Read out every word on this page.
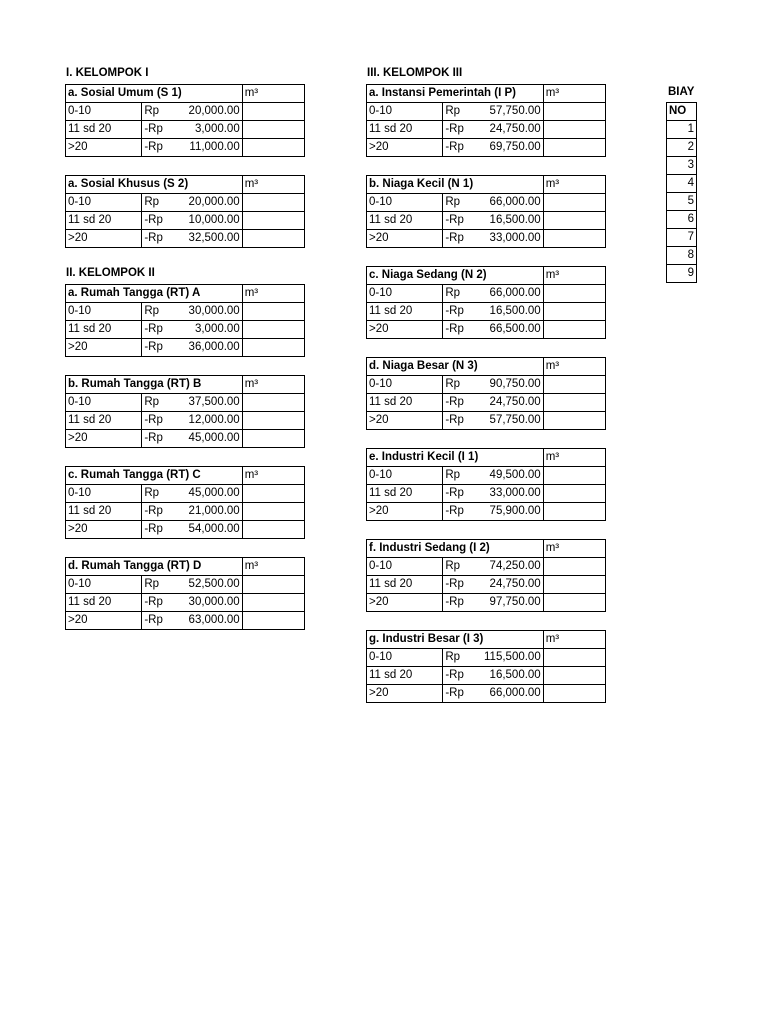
I. KELOMPOK I
II. KELOMPOK II
III. KELOMPOK III
BIAY
a. Sosial Umum (S 1)		m³
0-10	Rp 20,000.00	

11 sd 20	-Rp 3,000.00	

>20	-Rp 11,000.00	

a. Sosial Khusus (S 2)		m³
0-10	Rp 20,000.00	

11 sd 20	-Rp 10,000.00	

>20	-Rp 32,500.00	

a. Rumah Tangga (RT) A		m³
0-10	Rp 30,000.00	

11 sd 20	-Rp 3,000.00	

>20	-Rp 36,000.00	

b. Rumah Tangga (RT) B		m³
0-10	Rp 37,500.00	

11 sd 20	-Rp 12,000.00	

>20	-Rp 45,000.00	

c. Rumah Tangga (RT) C		m³
0-10	Rp 45,000.00	

11 sd 20	-Rp 21,000.00	

>20	-Rp 54,000.00	

d. Rumah Tangga (RT) D		m³
0-10	Rp 52,500.00	

11 sd 20	-Rp 30,000.00	

>20	-Rp 63,000.00	

a. Instansi Pemerintah (I P)		m³
0-10	Rp 57,750.00	

11 sd 20	-Rp 24,750.00	

>20	-Rp 69,750.00	

b. Niaga Kecil (N 1)		m³
0-10	Rp 66,000.00	

11 sd 20	-Rp 16,500.00	

>20	-Rp 33,000.00	

c. Niaga Sedang (N 2)		m³
0-10	Rp 66,000.00	

11 sd 20	-Rp 16,500.00	

>20	-Rp 66,500.00	

d. Niaga Besar (N 3)		m³
0-10	Rp 90,750.00	

11 sd 20	-Rp 24,750.00	

>20	-Rp 57,750.00	

e. Industri Kecil (I 1)		m³
0-10	Rp 49,500.00	

11 sd 20	-Rp 33,000.00	

>20	-Rp 75,900.00	

f. Industri Sedang (I 2)		m³
0-10	Rp 74,250.00	

11 sd 20	-Rp 24,750.00	

>20	-Rp 97,750.00	

g. Industri Besar (I 3)		m³
0-10	Rp 115,500.00	

11 sd 20	-Rp 16,500.00	

>20	-Rp 66,000.00	

NO
1
2
3
4
5
6
7
8
9
